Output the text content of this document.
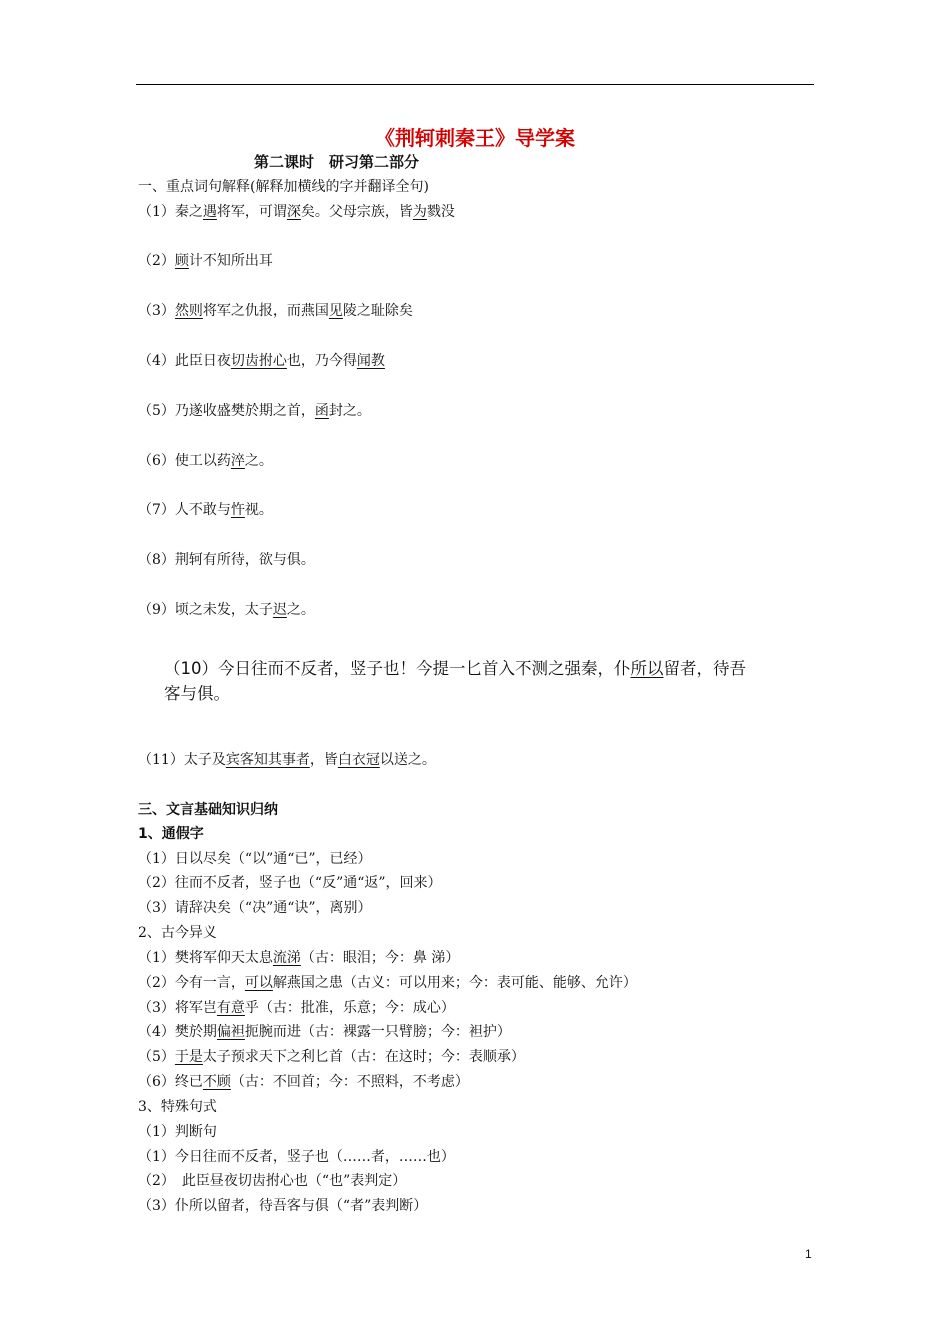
《荆轲刺秦王》导学案
第二课时　研习第二部分
一、重点词句解释(解释加横线的字并翻译全句)
（1）秦之遇将军，可谓深矣。父母宗族，皆为戮没
（2）顾计不知所出耳
（3）然则将军之仇报，而燕国见陵之耻除矣
（4）此臣日夜切齿拊心也，乃今得闻教
（5）乃遂收盛樊於期之首，函封之。
（6）使工以药淬之。
（7）人不敢与忤视。
（8）荆轲有所待，欲与俱。
（9）顷之未发，太子迟之。
（10）今日往而不反者，竖子也！今提一匕首入不测之强秦，仆所以留者，待吾
客与俱。
（11）太子及宾客知其事者，皆白衣冠以送之。
三、文言基础知识归纳
1、通假字
（1）日以尽矣（“以”通“已”，已经）
（2）往而不反者，竖子也（“反”通“返”，回来）
（3）请辞决矣（“决”通“诀”，离别）
2、古今异义
（1）樊将军仰天太息流涕（古：眼泪；今：鼻 涕）
（2）今有一言，可以解燕国之患（古义：可以用来；今：表可能、能够、允许）
（3）将军岂有意乎（古：批准，乐意；今：成心）
（4）樊於期偏袒扼腕而进（古：裸露一只臂膀；今：袒护）
（5）于是太子预求天下之利匕首（古：在这时；今：表顺承）
（6）终已不顾（古：不回首；今：不照料，不考虑）
3、特殊句式
（1）判断句
（1）今日往而不反者，竖子也（……者，……也）
（2）　此臣昼夜切齿拊心也（“也”表判定）
（3）仆所以留者，待吾客与俱（“者”表判断）
1
